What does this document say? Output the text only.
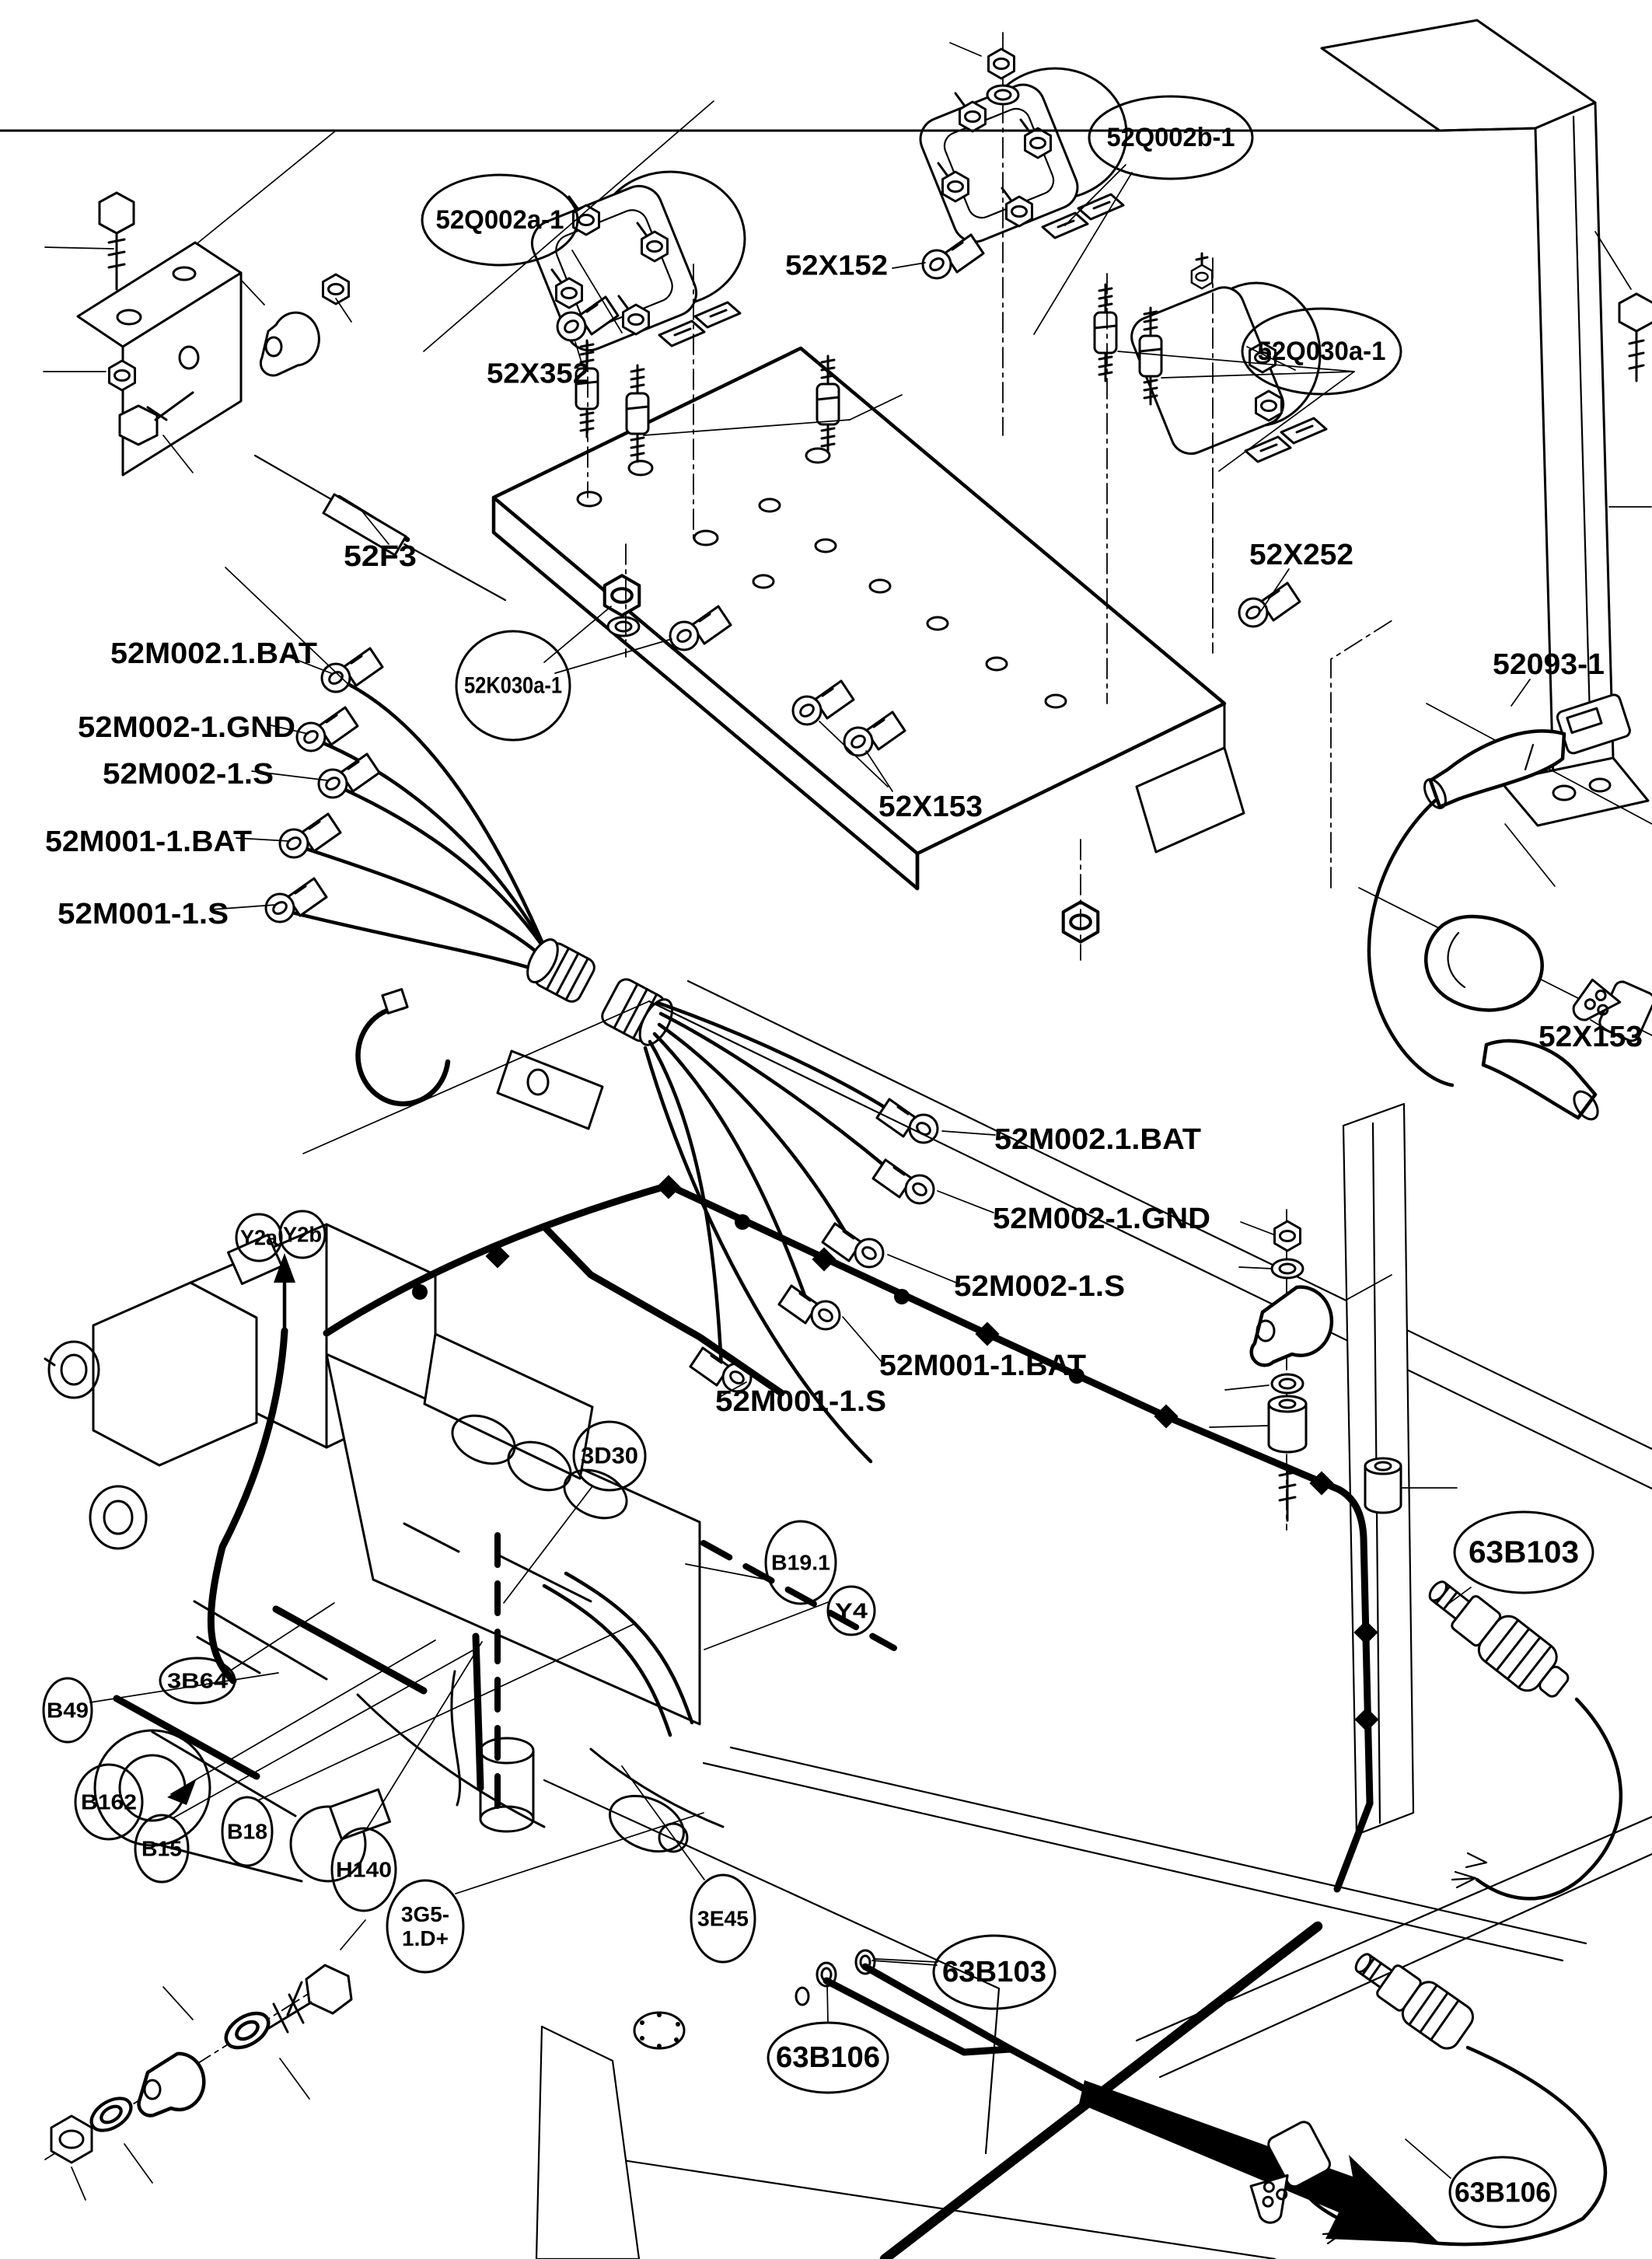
52Q002a-1
52Q002b-1
52Q030a-1
52K030a-1
Y2a Y2b
3D30
3B64
B49
B162
B15
B18
H140
3G5-
1.D+
3E45
B19.1
Y4
63B103
63B106
63B103
63B106
52X152
52X352
52F3
52X153
52X252
52093-1
52X153
52M002.1.BAT
52M002-1.GND
52M002-1.S
52M001-1.BAT
52M001-1.S
52M002.1.BAT
52M002-1.GND
52M002-1.S
52M001-1.BAT
52M001-1.S
